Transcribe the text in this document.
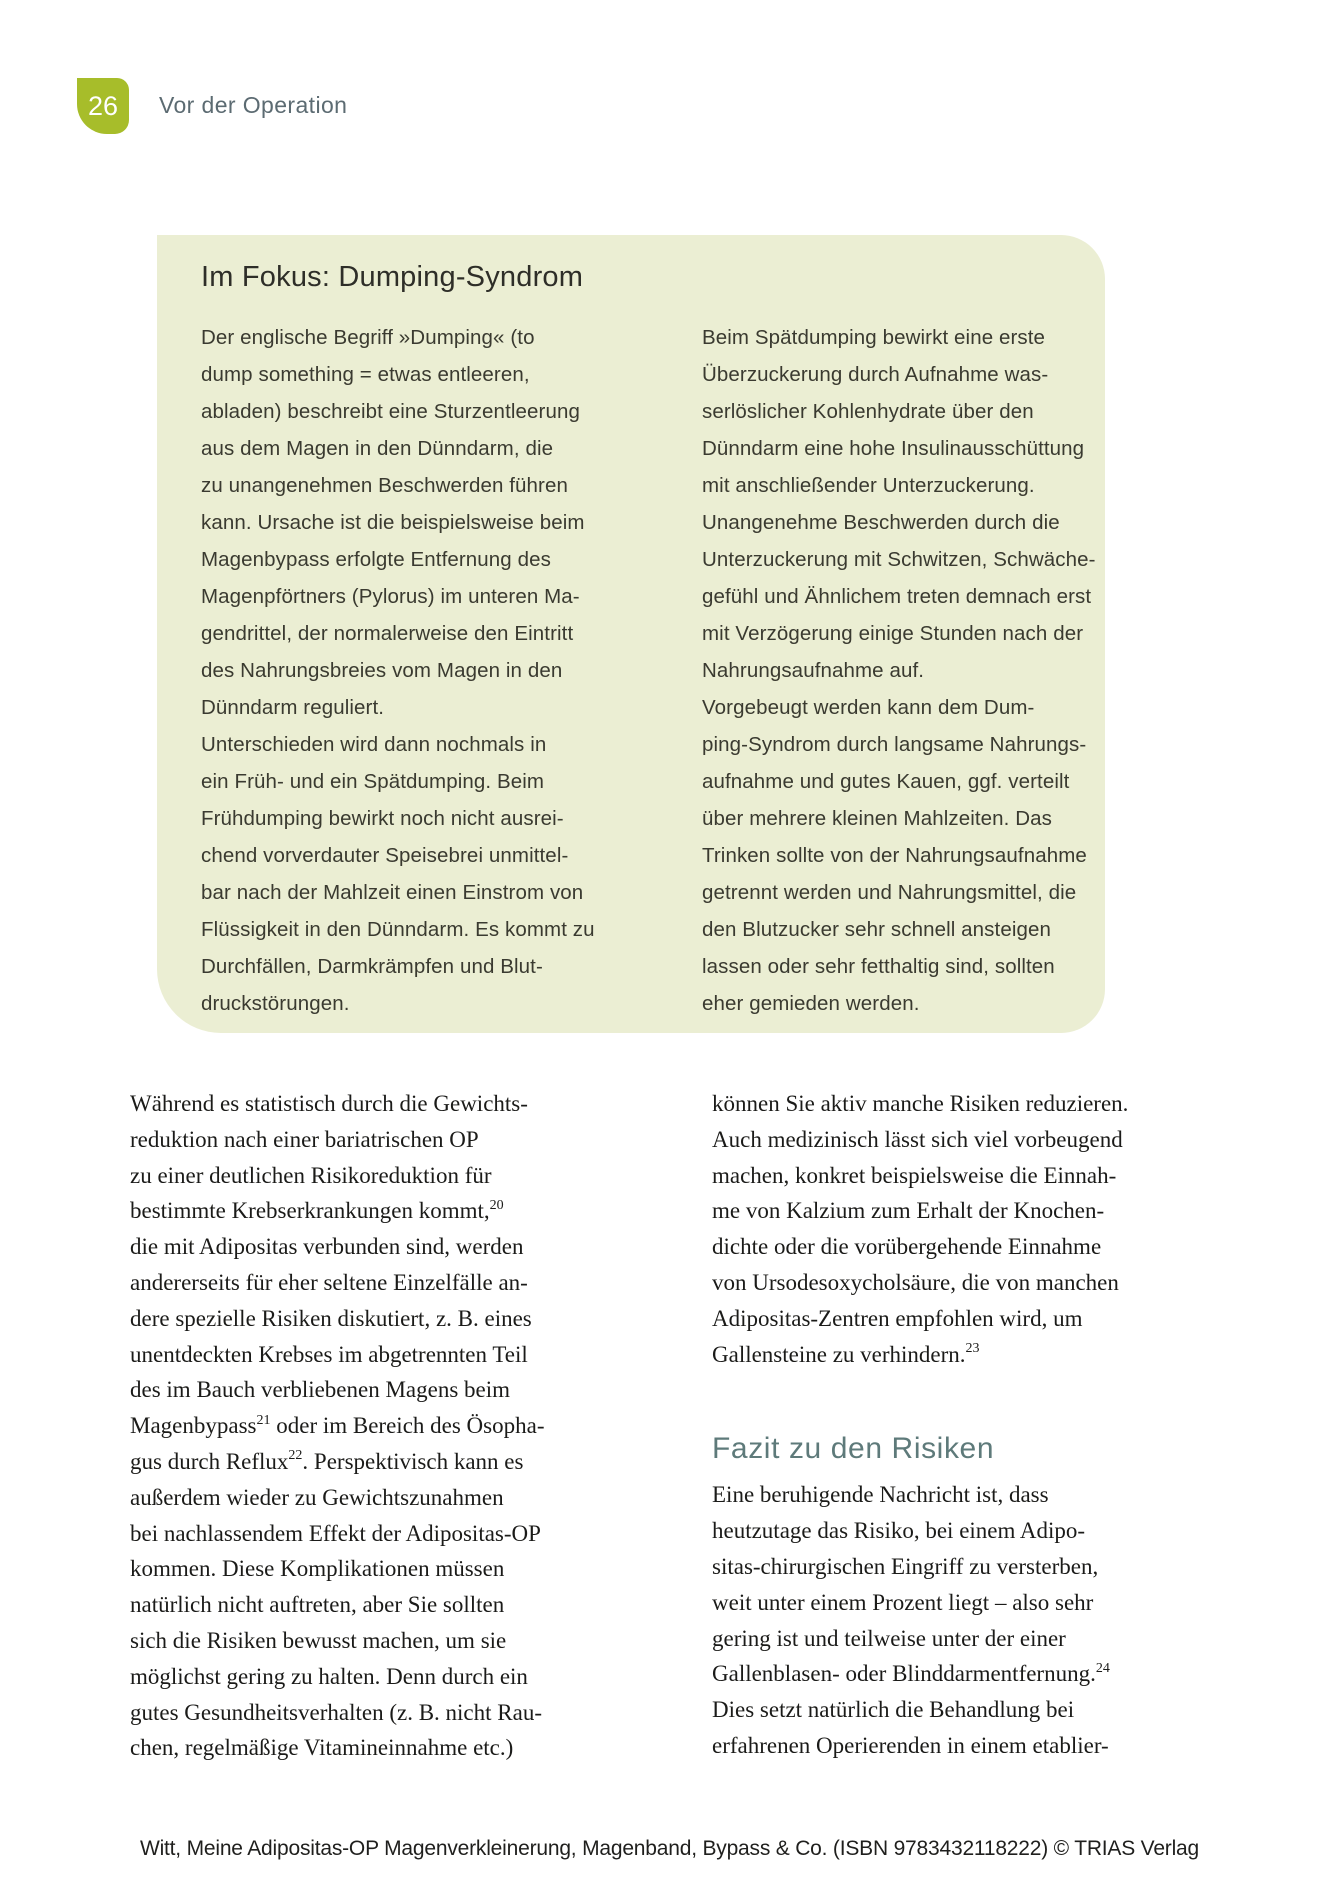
26 Vor der Operation
Im Fokus: Dumping-Syndrom
Der englische Begriff »Dumping« (to
dump something = etwas entleeren,
abladen) beschreibt eine Sturzentleerung
aus dem Magen in den Dünndarm, die
zu unangenehmen Beschwerden führen
kann. Ursache ist die beispielsweise beim
Magenbypass erfolgte Entfernung des
Magenpförtners (Pylorus) im unteren Ma-
gendrittel, der normalerweise den Eintritt
des Nahrungsbreies vom Magen in den
Dünndarm reguliert.
Unterschieden wird dann nochmals in
ein Früh- und ein Spätdumping. Beim
Frühdumping bewirkt noch nicht ausrei-
chend vorverdauter Speisebrei unmittel-
bar nach der Mahlzeit einen Einstrom von
Flüssigkeit in den Dünndarm. Es kommt zu
Durchfällen, Darmkrämpfen und Blut-
druckstörungen.
Beim Spätdumping bewirkt eine erste
Überzuckerung durch Aufnahme was-
serlöslicher Kohlenhydrate über den
Dünndarm eine hohe Insulinausschüttung
mit anschließender Unterzuckerung.
Unangenehme Beschwerden durch die
Unterzuckerung mit Schwitzen, Schwäche-
gefühl und Ähnlichem treten demnach erst
mit Verzögerung einige Stunden nach der
Nahrungsaufnahme auf.
Vorgebeugt werden kann dem Dum-
ping-Syndrom durch langsame Nahrungs-
aufnahme und gutes Kauen, ggf. verteilt
über mehrere kleinen Mahlzeiten. Das
Trinken sollte von der Nahrungsaufnahme
getrennt werden und Nahrungsmittel, die
den Blutzucker sehr schnell ansteigen
lassen oder sehr fetthaltig sind, sollten
eher gemieden werden.
Während es statistisch durch die Gewichts-
reduktion nach einer bariatrischen OP
zu einer deutlichen Risikoreduktion für
bestimmte Krebserkrankungen kommt,$^{20}$
die mit Adipositas verbunden sind, werden
andererseits für eher seltene Einzelfälle an-
dere spezielle Risiken diskutiert, z. B. eines
unentdeckten Krebses im abgetrennten Teil
des im Bauch verbliebenen Magens beim
Magenbypass$^{21}$ oder im Bereich des Ösopha-
gus durch Reflux$^{22}$. Perspektivisch kann es
außerdem wieder zu Gewichtszunahmen
bei nachlassendem Effekt der Adipositas-OP
kommen. Diese Komplikationen müssen
natürlich nicht auftreten, aber Sie sollten
sich die Risiken bewusst machen, um sie
möglichst gering zu halten. Denn durch ein
gutes Gesundheitsverhalten (z. B. nicht Rau-
chen, regelmäßige Vitamineinnahme etc.)
können Sie aktiv manche Risiken reduzieren.
Auch medizinisch lässt sich viel vorbeugend
machen, konkret beispielsweise die Einnah-
me von Kalzium zum Erhalt der Knochen-
dichte oder die vorübergehende Einnahme
von Ursodesoxycholsäure, die von manchen
Adipositas-Zentren empfohlen wird, um
Gallensteine zu verhindern.$^{23}$
Fazit zu den Risiken
Eine beruhigende Nachricht ist, dass
heutzutage das Risiko, bei einem Adipo-
sitas-chirurgischen Eingriff zu versterben,
weit unter einem Prozent liegt – also sehr
gering ist und teilweise unter der einer
Gallenblasen- oder Blinddarmentfernung.$^{24}$
Dies setzt natürlich die Behandlung bei
erfahrenen Operierenden in einem etablier-
Witt, Meine Adipositas-OP Magenverkleinerung, Magenband, Bypass & Co. (ISBN 9783432118222) © TRIAS Verlag
